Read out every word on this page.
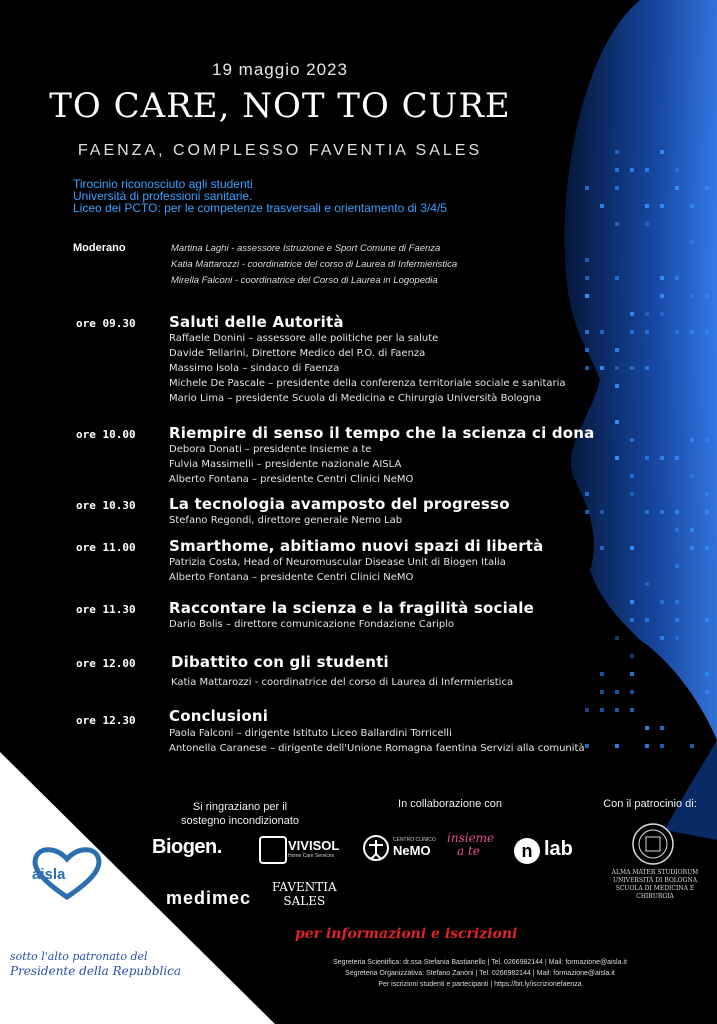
19 maggio 2023
TO CARE, NOT TO CURE
FAENZA, COMPLESSO FAVENTIA SALES
Tirocinio riconosciuto agli studenti
Università di professioni sanitarie.
Liceo dei PCTO: per le competenze trasversali e orientamento di 3/4/5
Moderano	Martina Laghi - assessore Istruzione e Sport Comune di Faenza
Katia Mattarozzi - coordinatrice del corso di Laurea di Infermieristica
Mirella Falconi - coordinatrice del Corso di Laurea in Logopedia
ore 09.30 Saluti delle Autorità
Raffaele Donini – assessore alle politiche per la salute
Davide Tellarini, Direttore Medico del P.O. di Faenza
Massimo Isola – sindaco di Faenza
Michele De Pascale – presidente della conferenza territoriale sociale e sanitaria
Mario Lima – presidente Scuola di Medicina e Chirurgia Università Bologna
ore 10.00 Riempire di senso il tempo che la scienza ci dona
Debora Donati – presidente Insieme a te
Fulvia Massimelli – presidente nazionale AISLA
Alberto Fontana – presidente Centri Clinici NeMO
ore 10.30 La tecnologia avamposto del progresso
Stefano Regondi, direttore generale Nemo Lab
ore 11.00 Smarthome, abitiamo nuovi spazi di libertà
Patrizia Costa, Head of Neuromuscular Disease Unit di Biogen Italia
Alberto Fontana – presidente Centri Clinici NeMO
ore 11.30 Raccontare la scienza e la fragilità sociale
Dario Bolis – direttore comunicazione Fondazione Cariplo
ore 12.00 Dibattito con gli studenti
Katia Mattarozzi - coordinatrice del corso di Laurea di Infermieristica
ore 12.30 Conclusioni
Paola Falconi – dirigente Istituto Liceo Ballardini Torricelli
Antonella Caranese – dirigente dell'Unione Romagna faentina Servizi alla comunità
aisla
sotto l'alto patronato del
Presidente della Repubblica
Si ringraziano per il
sostegno incondizionato
In collaborazione con	Con il patrocinio di:
Biogen.	VIVISOL
Home Care Services
medimec
FAVENTIA
SALES
CENTRO CLINICO
NeMO
insieme
a te	n lab
ALMA MATER STUDIORUM
UNIVERSITÀ DI BOLOGNA
SCUOLA DI MEDICINA E CHIRURGIA
per informazioni e iscrizioni
Segreteria Scientifica: dr.ssa Stefania Bastianello | Tel. 0266982144 | Mail: formazione@aisla.it
Segreteria Organizzativa: Stefano Zanoni | Tel. 0266982144 | Mail: formazione@aisla.it
Per iscrizioni studenti e partecipanti | https://bit.ly/iscrizionefaenza
